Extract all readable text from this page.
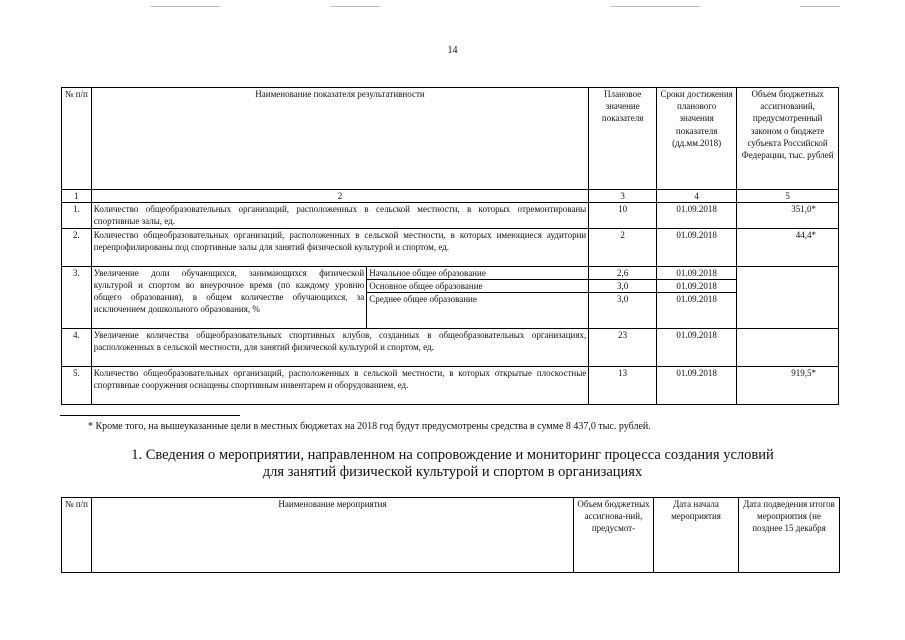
14
№ п/п	Наименование показателя результативности		Плановое значение показателя	Сроки достижения планового значения показателя (дд.мм.2018)	Объем бюджетных ассигнований, предусмотренный законом о бюджете субъекта Российской Федерации, тыс. рублей
1	2		3	4	5
1.	Количество общеобразовательных организаций, расположенных в сельской местности, в которых отремонтированы спортивные залы, ед.		10	01.09.2018	351,0*
2.	Количество общеобразовательных организаций, расположенных в сельской местности, в которых имеющиеся аудитории перепрофилированы под спортивные залы для занятий физической культурой и спортом, ед.		2	01.09.2018	44,4*
3.	Увеличение доли обучающихся, занимающихся физической культурой и спортом во внеурочное время (по каждому уровню общего образования), в общем количестве обучающихся, за исключением дошкольного образования, %	Начальное общее образование	2,6	01.09.2018	
		Основное общее образование	3,0	01.09.2018	
		Среднее общее образование	3,0	01.09.2018	
4.	Увеличение количества общеобразовательных спортивных клубов, созданных в общеобразовательных организациях, расположенных в сельской местности, для занятий физической культурой и спортом, ед.		23	01.09.2018	
5.	Количество общеобразовательных организаций, расположенных в сельской местности, в которых открытые плоскостные спортивные сооружения оснащены спортивным инвентарем и оборудованием, ед.		13	01.09.2018	919,5*
* Кроме того, на вышеуказанные цели в местных бюджетах на 2018 год будут предусмотрены средства в сумме 8 437,0 тыс. рублей.
1. Сведения о мероприятии, направленном на сопровождение и мониторинг процесса создания условий
для занятий физической культурой и спортом в организациях
№ п/п	Наименование мероприятия	Объем бюджетных ассигнова-ний, предусмот-	Дата начала мероприятия	Дата подведения итогов мероприятия (не позднее 15 декабря
